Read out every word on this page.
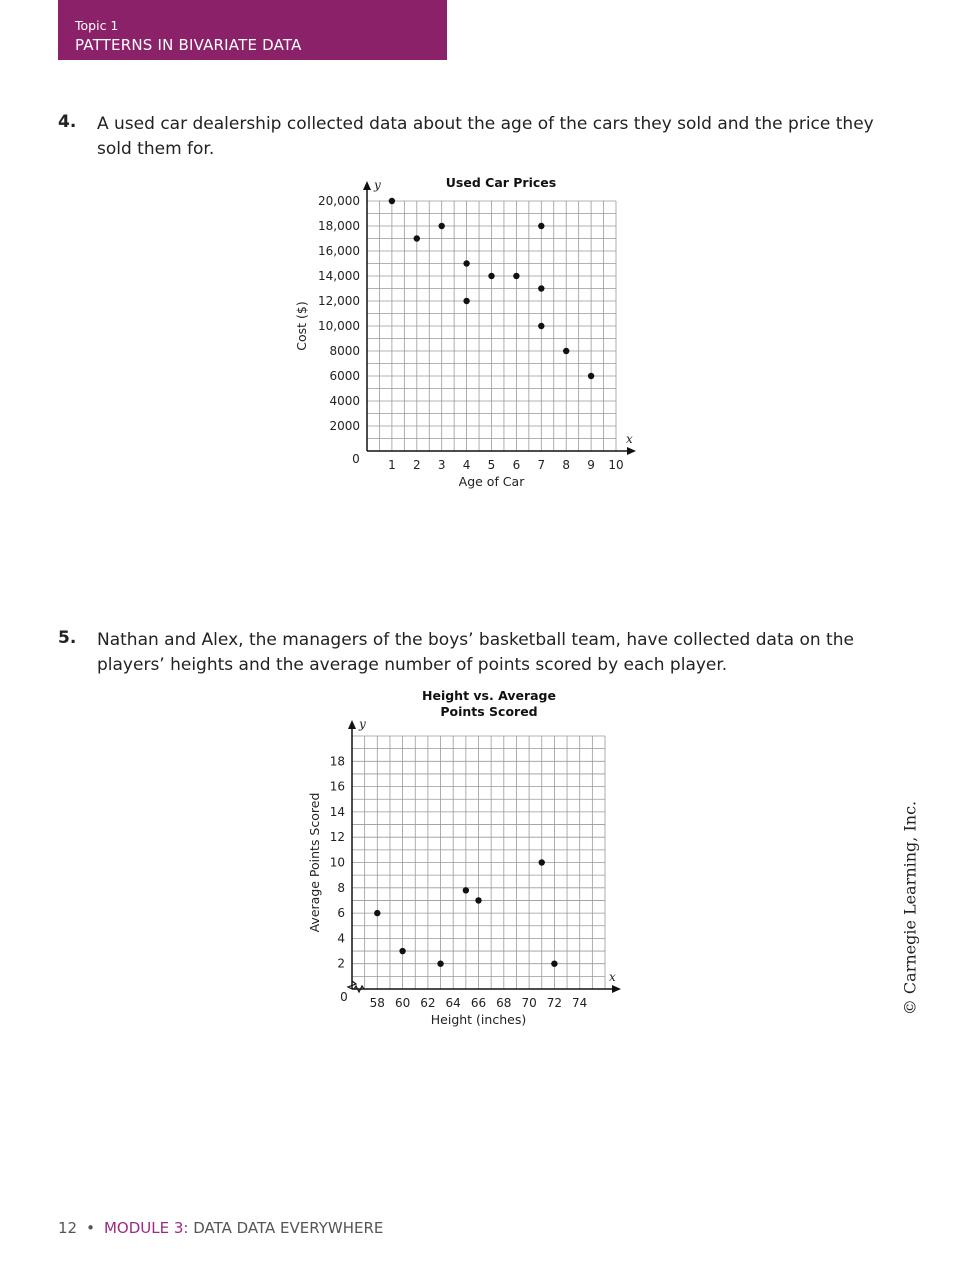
Topic 1
PATTERNS IN BIVARIATE DATA
4. A used car dealership collected data about the age of the cars they sold and the price they sold them for.
Used Car Prices
x
y
1 2 3 4 5 6 7 8 9 10
2000
4000
6000
8000
10,000
12,000
14,000
16,000
18,000
20,000
0
Age of Car
Cost ($)
5. Nathan and Alex, the managers of the boys’ basketball team, have collected data on the players’ heights and the average number of points scored by each player.
Height vs. Average
Points Scored
x
y
58 60 62 64 66 68 70 72 74
2
4
6
8
10
12
14
16
18
0
Height (inches)
Average Points Scored	© Carnegie Learning, Inc.
12 • MODULE 3: DATA DATA EVERYWHERE
